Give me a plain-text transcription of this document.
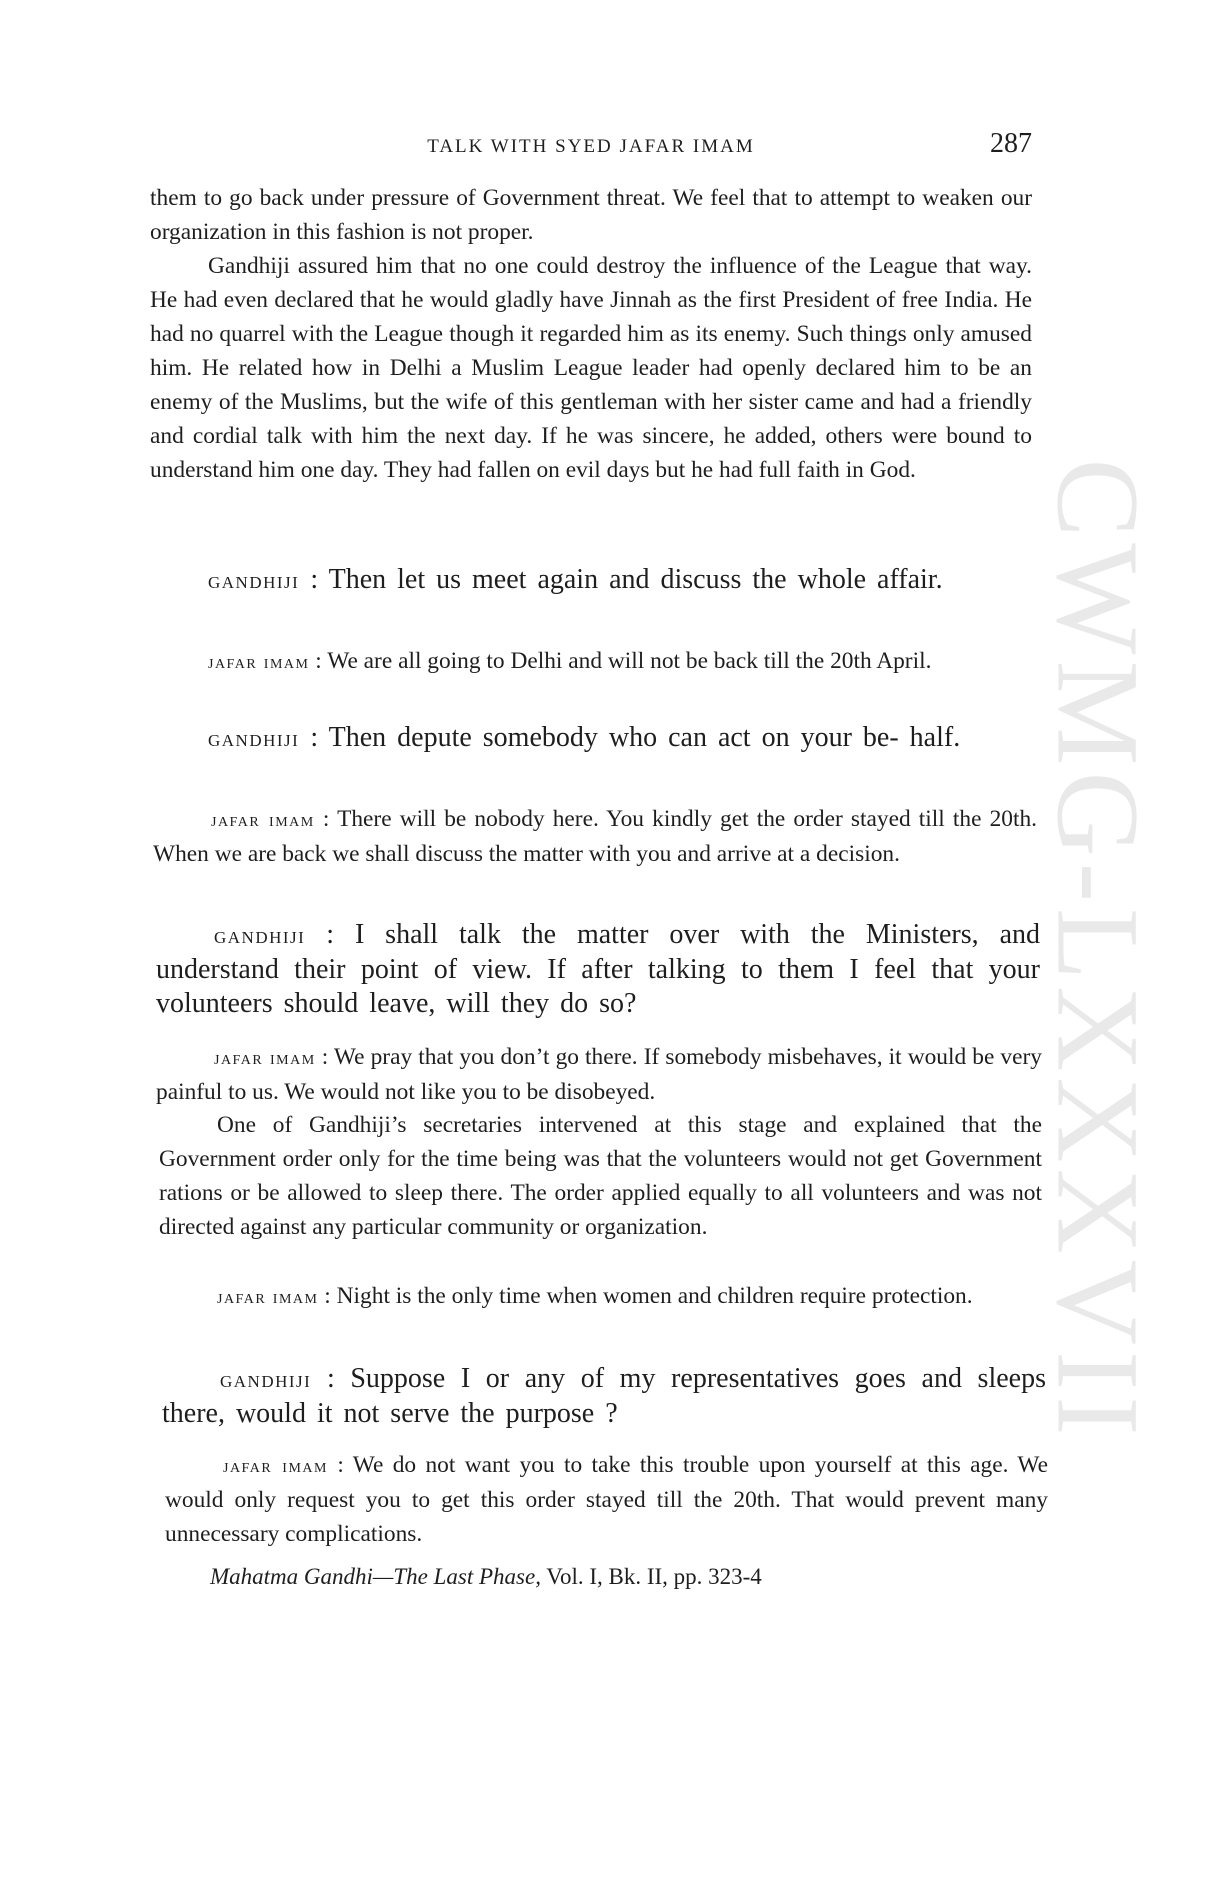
CWMG-LXXXVII
TALK WITH SYED JAFAR IMAM	287

them to go back under pressure of Government threat. We feel that to attempt to weaken our organization in this fashion is not proper.

Gandhiji assured him that no one could destroy the influence of the League that way. He had even declared that he would gladly have Jinnah as the first President of free India. He had no quarrel with the League though it regarded him as its enemy. Such things only amused him. He related how in Delhi a Muslim League leader had openly declared him to be an enemy of the Muslims, but the wife of this gentleman with her sister came and had a friendly and cordial talk with him the next day. If he was sincere, he added, others were bound to understand him one day. They had fallen on evil days but he had full faith in God.

gandhiji : Then let us meet again and discuss the whole affair.

jafar imam : We are all going to Delhi and will not be back till the 20th April.

gandhiji : Then depute somebody who can act on your be- half.

jafar imam : There will be nobody here. You kindly get the order stayed till the 20th. When we are back we shall discuss the matter with you and arrive at a decision.

gandhiji : I shall talk the matter over with the Ministers, and understand their point of view. If after talking to them I feel that your volunteers should leave, will they do so?

jafar imam : We pray that you don’t go there. If somebody misbehaves, it would be very painful to us. We would not like you to be disobeyed.

One of Gandhiji’s secretaries intervened at this stage and explained that the Government order only for the time being was that the volunteers would not get Government rations or be allowed to sleep there. The order applied equally to all volunteers and was not directed against any particular community or organization.

jafar imam : Night is the only time when women and children require protection.

gandhiji : Suppose I or any of my representatives goes and sleeps there, would it not serve the purpose ?

jafar imam : We do not want you to take this trouble upon yourself at this age. We would only request you to get this order stayed till the 20th. That would prevent many unnecessary complications.

Mahatma Gandhi—The Last Phase, Vol. I, Bk. II, pp. 323-4
